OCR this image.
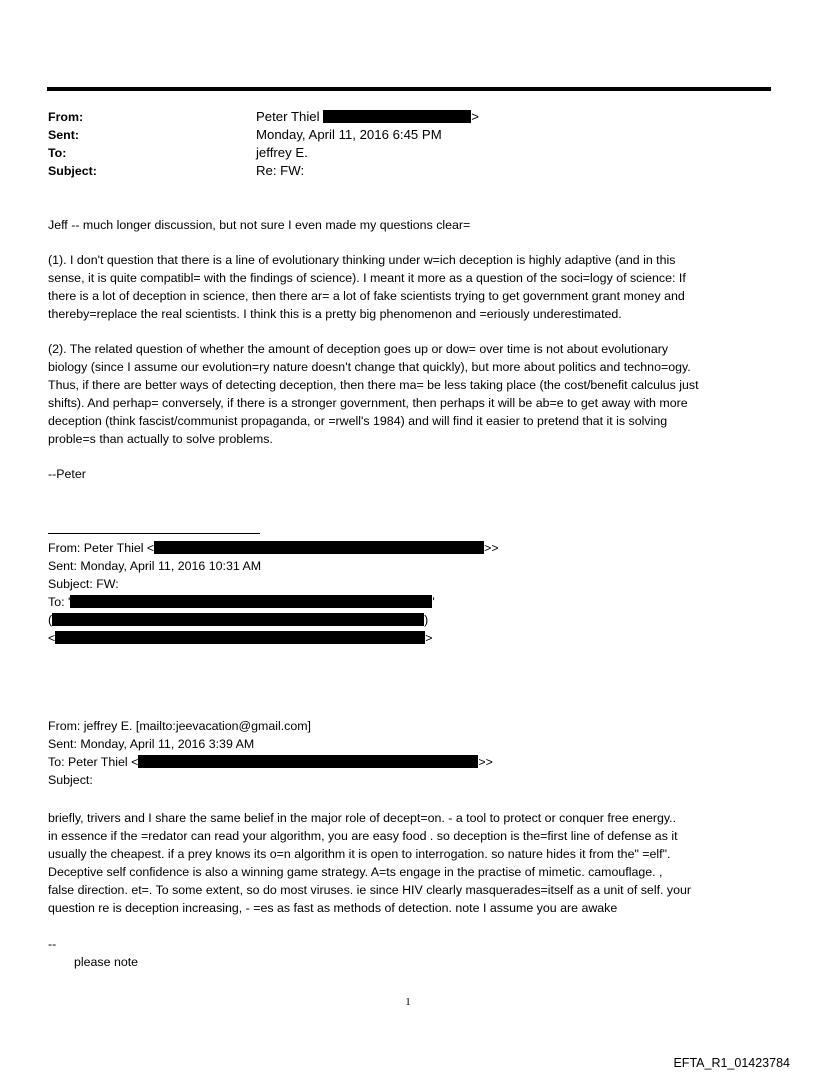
From:	Peter Thiel	>
Sent:	Monday, April 11, 2016 6:45 PM
To:	jeffrey E.
Subject:	Re: FW:
Jeff -- much longer discussion, but not sure I even made my questions clear=
(1). I don't question that there is a line of evolutionary thinking under w=ich deception is highly adaptive (and in this
sense, it is quite compatibl= with the findings of science). I meant it more as a question of the soci=logy of science: If
there is a lot of deception in science, then there ar= a lot of fake scientists trying to get government grant money and
thereby=replace the real scientists. I think this is a pretty big phenomenon and =eriously underestimated.
(2). The related question of whether the amount of deception goes up or dow= over time is not about evolutionary
biology (since I assume our evolution=ry nature doesn't change that quickly), but more about politics and techno=ogy.
Thus, if there are better ways of detecting deception, then there ma= be less taking place (the cost/benefit calculus just
shifts). And perhap= conversely, if there is a stronger government, then perhaps it will be ab=e to get away with more
deception (think fascist/communist propaganda, or =rwell's 1984) and will find it easier to pretend that it is solving
proble=s than actually to solve problems.
--Peter
From: Peter Thiel <	>>
Sent: Monday, April 11, 2016 10:31 AM
Subject: FW:
To: '	'
(	)
<	>
From: jeffrey E. [mailto:jeevacation@gmail.com]
Sent: Monday, April 11, 2016 3:39 AM
To: Peter Thiel <	>>
Subject:
briefly, trivers and I share the same belief in the major role of decept=on. - a tool to protect or conquer free energy..
in essence if the =redator can read your algorithm, you are easy food . so deception is the=first line of defense as it
usually the cheapest. if a prey knows its o=n algorithm it is open to interrogation. so nature hides it from the" =elf".
Deceptive self confidence is also a winning game strategy. A=ts engage in the practise of mimetic. camouflage. ,
false direction. et=. To some extent, so do most viruses. ie since HIV clearly masquerades=itself as a unit of self. your
question re is deception increasing, - =es as fast as methods of detection. note I assume you are awake
--
please note
1
EFTA_R1_01423784
